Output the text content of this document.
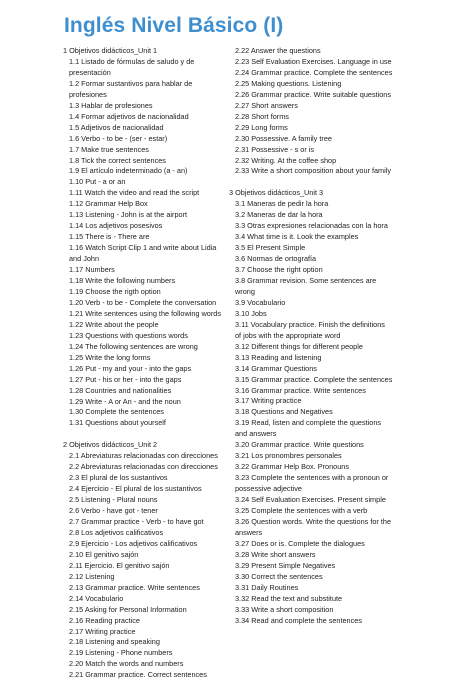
Inglés Nivel Básico (I)
1 Objetivos didácticos_Unit 1
1.1 Listado de fórmulas de saludo y de presentación
1.2 Formar sustantivos para hablar de profesiones
1.3 Hablar de profesiones
1.4 Formar adjetivos de nacionalidad
1.5 Adjetivos de nacionalidad
1.6 Verbo - to be - (ser - estar)
1.7 Make true sentences
1.8 Tick the correct sentences
1.9 El artículo indeterminado (a - an)
1.10 Put - a or an
1.11 Watch the video and read the script
1.12 Grammar Help Box
1.13 Listening - John is at the airport
1.14 Los adjetivos posesivos
1.15 There is - There are
1.16 Watch Script Clip 1 and write about Lidia and John
1.17 Numbers
1.18 Write the following numbers
1.19 Choose the rigth option
1.20 Verb - to be - Complete the conversation
1.21 Write sentences using the following words
1.22 Write about the people
1.23 Questions with questions words
1.24 The following sentences are wrong
1.25 Write the long forms
1.26 Put - my and your - into the gaps
1.27 Put - his or her - into the gaps
1.28 Countries and nationalities
1.29 Write - A or An - and the noun
1.30 Complete the sentences
1.31 Questions about yourself
2 Objetivos didácticos_Unit 2
2.1 Abreviaturas relacionadas con direcciones
2.2 Abreviaturas relacionadas con direcciones
2.3 El plural de los sustantivos
2.4 Ejercicio - El plural de los sustantivos
2.5 Listening - Plural nouns
2.6 Verbo - have got - tener
2.7 Grammar practice - Verb - to have got
2.8 Los adjetivos calificativos
2.9 Ejercicio - Los adjetivos calificativos
2.10 El genitivo sajón
2.11 Ejercicio. El genitivo sajón
2.12 Listening
2.13 Grammar practice. Write sentences
2.14 Vocabulario
2.15 Asking for Personal Information
2.16 Reading practice
2.17 Writing practice
2.18 Listening and speaking
2.19 Listening - Phone numbers
2.20 Match the words and numbers
2.21 Grammar practice. Correct sentences
2.22 Answer the questions
2.23 Self Evaluation Exercises. Language in use
2.24 Grammar practice. Complete the sentences
2.25 Making questions. Listening
2.26 Grammar practice. Write suitable questions
2.27 Short answers
2.28 Short forms
2.29 Long forms
2.30 Possessive. A family tree
2.31 Possessive - s or is
2.32 Writing. At the coffee shop
2.33 Write a short composition about your family
3 Objetivos didácticos_Unit 3
3.1 Maneras de pedir la hora
3.2 Maneras de dar la hora
3.3 Otras expresiones relacionadas con la hora
3.4 What time is it. Look the examples
3.5 El Present Simple
3.6 Normas de ortografía
3.7 Choose the right option
3.8 Grammar revision. Some sentences are wrong
3.9 Vocabulario
3.10 Jobs
3.11 Vocabulary practice. Finish the definitions of jobs with the appropriate word
3.12 Different things for different people
3.13 Reading and listening
3.14 Grammar Questions
3.15 Grammar practice. Complete the sentences
3.16 Grammar practice. Write sentences
3.17 Writing practice
3.18 Questions and Negatives
3.19 Read, listen and complete the questions and answers
3.20 Grammar practice. Write questions
3.21 Los pronombres personales
3.22 Grammar Help Box. Pronouns
3.23 Complete the sentences with a pronoun or possessive adjective
3.24 Self Evaluation Exercises. Present simple
3.25 Complete the sentences with a verb
3.26 Question words. Write the questions for the answers
3.27 Does or is. Complete the dialogues
3.28 Write short answers
3.29 Present Simple Negatives
3.30 Correct the sentences
3.31 Daily Routines
3.32 Read the text and substitute
3.33 Write a short composition
3.34 Read and complete the sentences
